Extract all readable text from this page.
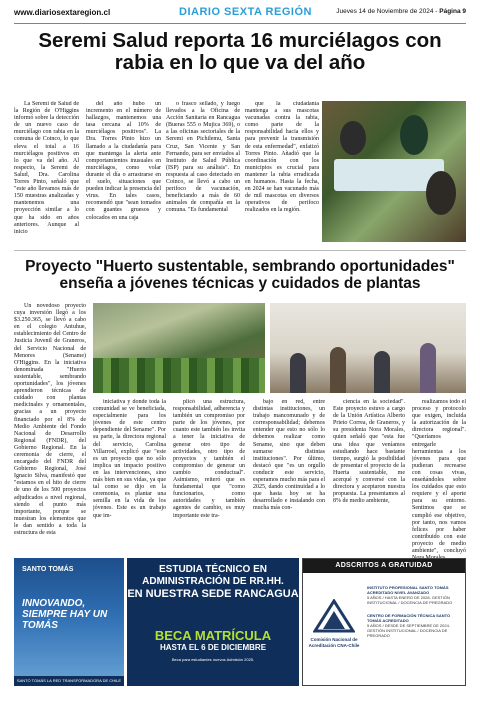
www.diariosextaregion.cl	DIARIO SEXTA REGIÓN	Jueves 14 de Noviembre de 2024 - Página 9
Seremi Salud reporta 16 murciélagos con rabia en lo que va del año

La Seremi de Salud de la Región de O'Higgins informó sobre la detección de un nuevo caso de murciélago con rabia en la comuna de Coinco, lo que eleva el total a 16 murciélagos positivos en lo que va del año. Al respecto, la Seremi de Salud, Dra. Carolina Torres Pinto, señaló que "este año llevamos más de 150 muestras analizadas y mantenemos una proyección similar a lo que ha sido en años anteriores. Aunque al inicio

del año hubo un incremento en el número de hallazgos, mantenemos una tasa cercana al 10% de murciélagos positivos". La Dra. Torres Pinto hizo un llamado a la ciudadanía para que mantenga la alerta ante comportamientos inusuales en murciélagos, como volar durante el día o arrastrarse en el suelo, situaciones que pueden indicar la presencia del virus. En tales casos, recomendó que "sean tomados con guantes gruesos y colocados en una caja

o frasco sellado, y luego llevados a la Oficina de Acción Sanitaria en Rancagua (Bueras 555 o Mujica 369), o a las oficinas sectoriales de la Seremi en Pichilemu, Santa Cruz, San Vicente y San Fernando, para ser enviados al Instituto de Salud Pública (ISP) para su análisis". En respuesta al caso detectado en Coinco, se llevó a cabo un perifoco de vacunación, beneficiando a más de 60 animales de compañía en la comuna. "Es fundamental

que la ciudadanía mantenga a sus mascotas vacunadas contra la rabia, como parte de la responsabilidad hacia ellos y para prevenir la transmisión de esta enfermedad", enfatizó Torres Pinto. Añadió que la coordinación con los municipios es crucial para mantener la rabia erradicada en humanos. Hasta la fecha, en 2024 se han vacunado más de mil mascotas en diversos operativos de perifoco realizados en la región.

Proyecto "Huerto sustentable, sembrando oportunidades" enseña a jóvenes técnicas y cuidados de plantas

Un novedoso proyecto cuya inversión llegó a los $3.250.365, se llevó a cabo en el colegio Antuhue, establecimiento del Centro de Justicia Juvenil de Graneros, del Servicio Nacional de Menores (Sename) O'Higgins. En la iniciativa denominada "Huerto sustentable, sembrando oportunidades", los jóvenes aprendieron técnicas de cuidado con plantas medicinales y ornamentales, gracias a un proyecto financiado por el 8% de Medio Ambiente del Fondo Nacional de Desarrollo Regional (FNDR), del Gobierno Regional. En la ceremonia de cierre, el encargado del FNDR del Gobierno Regional, José Ignacio Silva, manifestó que "estamos en el hito de cierre de uno de los 500 proyectos adjudicados a nivel regional, siendo el punto más importante, porque se muestran los elementos que le dan sentido a toda la estructura de esta

iniciativa y donde toda la comunidad se ve beneficiada, especialmente para los jóvenes de este centro dependiente del Sename". Por su parte, la directora regional del servicio, Carolina Villarroel, explicó que "este es un proyecto que no sólo implica un impacto positivo en las intervenciones, sino más bien en sus vidas, ya que tal como se dijo en la ceremonia, es plantar una semilla en la vida de los jóvenes. Este es un trabajo que im-

plicó una estructura, responsabilidad, adherencia y también un compromiso por parte de los jóvenes, por cuanto este también les invita a tener la iniciativa de generar otro tipo de actividades, otro tipo de proyectos y también el compromiso de generar un cambio conductual". Asimismo, reiteró que es fundamental que "como funcionarios, como autoridades y también agentes de cambio, es muy importante este tra-

bajo en red, entre distintas instituciones, un trabajo mancomunado y de corresponsabilidad; debemos entender que esto no sólo lo debemos realizar como Sename, sino que deben sumarse distintas instituciones". Por último, destacó que "es un orgullo conducir este servicio, esperamos mucho más para el 2025, dando continuidad a lo que hasta hoy se ha desarrollado e instalando con mucha más con-

ciencia en la sociedad". Este proyecto estuvo a cargo de la Unión Artística Alberto Prieto Correa, de Graneros, y su presidenta Nora Morales, quien señaló que "esta fue una idea que veníamos estudiando hace bastante tiempo, surgió la posibilidad de presentar el proyecto de la Huerta sustentable, me acerqué y conversé con la directora y aceptaron nuestra propuesta. La presentamos al 8% de medio ambiente,

realizamos todo el proceso y protocolo que exigen, incluida la autorización de la directora regional". "Queríamos entregarle herramientas a los jóvenes para que pudieran recrearse con cosas vivas, enseñándoles sobre los cuidados que esto requiere y el aporte para su entorno. Sentimos que se cumplió ese objetivo, por tanto, nos vamos felices por haber contribuido con este proyecto de medio ambiente", concluyó

SANTO TOMÁS
INNOVANDO, SIEMPRE HAY UN TOMÁS
SANTO TOMÁS LA RED TRANSFORMADORA DE CHILE
ESTUDIA TÉCNICO EN ADMINISTRACIÓN DE RR.HH.
EN NUESTRA SEDE RANCAGUA
BECA MATRÍCULA
HASTA EL 6 DE DICIEMBRE
Beca para estudiantes nuevos Admisión 2025.
ADSCRITOS A GRATUIDAD
Comisión Nacional de Acreditación CNA-Chile
INSTITUTO PROFESIONAL SANTO TOMÁS ACREDITADO NIVEL AVANZADO
5 AÑOS / HASTA ENERO DE 2028. GESTIÓN INSTITUCIONAL / DOCENCIA DE PREGRADO
CENTRO DE FORMACIÓN TÉCNICA SANTO TOMÁS ACREDITADO
5 AÑOS / DESDE DE SEPTIEMBRE DE 2024. GESTIÓN INSTITUCIONAL / DOCENCIA DE PREGRADO
